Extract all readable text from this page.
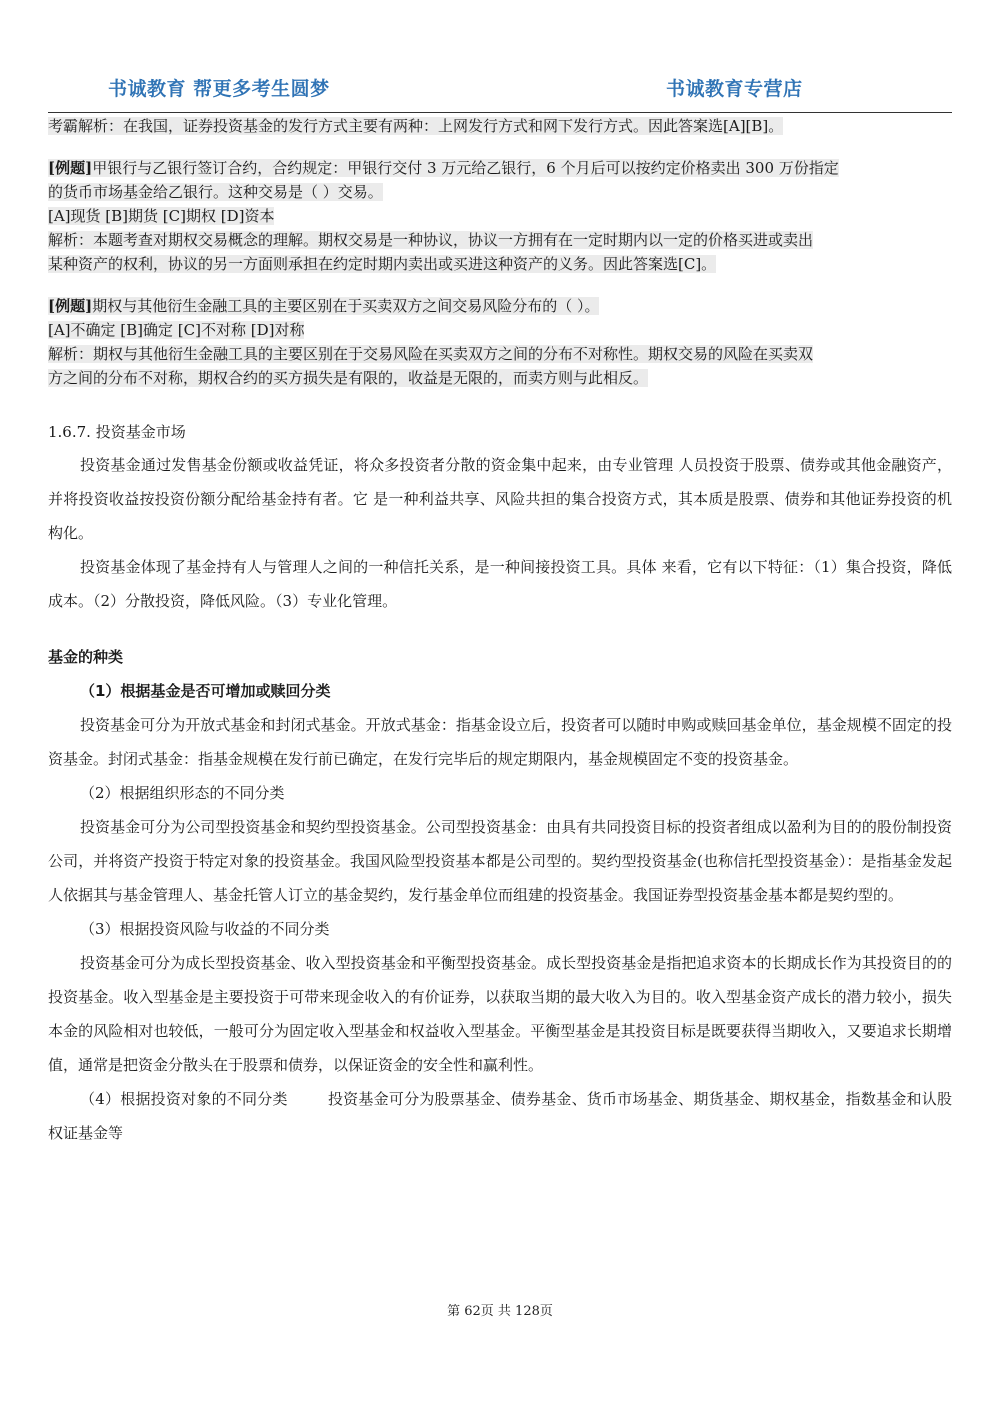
书诚教育 帮更多考生圆梦	书诚教育专营店

考霸解析：在我国，证券投资基金的发行方式主要有两种：上网发行方式和网下发行方式。因此答案选[A][B]。

[例题]甲银行与乙银行签订合约，合约规定：甲银行交付 3 万元给乙银行，6 个月后可以按约定价格卖出 300 万份指定

的货币市场基金给乙银行。这种交易是（ ）交易。

[A]现货 [B]期货 [C]期权 [D]资本

解析：本题考查对期权交易概念的理解。期权交易是一种协议，协议一方拥有在一定时期内以一定的价格买进或卖出

某种资产的权利，协议的另一方面则承担在约定时期内卖出或买进这种资产的义务。因此答案选[C]。

[例题]期权与其他衍生金融工具的主要区别在于买卖双方之间交易风险分布的（ ）。

[A]不确定 [B]确定 [C]不对称 [D]对称

解析：期权与其他衍生金融工具的主要区别在于交易风险在买卖双方之间的分布不对称性。期权交易的风险在买卖双

方之间的分布不对称，期权合约的买方损失是有限的，收益是无限的，而卖方则与此相反。

1.6.7. 投资基金市场

投资基金通过发售基金份额或收益凭证，将众多投资者分散的资金集中起来，由专业管理 人员投资于股票、债券或其他金融资产，并将投资收益按投资份额分配给基金持有者。它 是一种利益共享、风险共担的集合投资方式，其本质是股票、债券和其他证券投资的机构化。

投资基金体现了基金持有人与管理人之间的一种信托关系，是一种间接投资工具。具体 来看，它有以下特征：（1）集合投资，降低成本。（2）分散投资，降低风险。（3）专业化管理。

基金的种类

（1）根据基金是否可增加或赎回分类

投资基金可分为开放式基金和封闭式基金。开放式基金：指基金设立后，投资者可以随时申购或赎回基金单位，基金规模不固定的投资基金。封闭式基金：指基金规模在发行前已确定，在发行完毕后的规定期限内，基金规模固定不变的投资基金。

（2）根据组织形态的不同分类

投资基金可分为公司型投资基金和契约型投资基金。公司型投资基金：由具有共同投资目标的投资者组成以盈利为目的的股份制投资公司，并将资产投资于特定对象的投资基金。我国风险型投资基本都是公司型的。契约型投资基金(也称信托型投资基金）：是指基金发起人依据其与基金管理人、基金托管人订立的基金契约，发行基金单位而组建的投资基金。我国证券型投资基金基本都是契约型的。

（3）根据投资风险与收益的不同分类

投资基金可分为成长型投资基金、收入型投资基金和平衡型投资基金。成长型投资基金是指把追求资本的长期成长作为其投资目的的投资基金。收入型基金是主要投资于可带来现金收入的有价证券，以获取当期的最大收入为目的。收入型基金资产成长的潜力较小，损失本金的风险相对也较低，一般可分为固定收入型基金和权益收入型基金。平衡型基金是其投资目标是既要获得当期收入，又要追求长期增值，通常是把资金分散头在于股票和债券，以保证资金的安全性和赢利性。

（4）根据投资对象的不同分类	投资基金可分为股票基金、债券基金、货币市场基金、期货基金、期权基金，指数基金和认股权证基金等

第 62页 共 128页
